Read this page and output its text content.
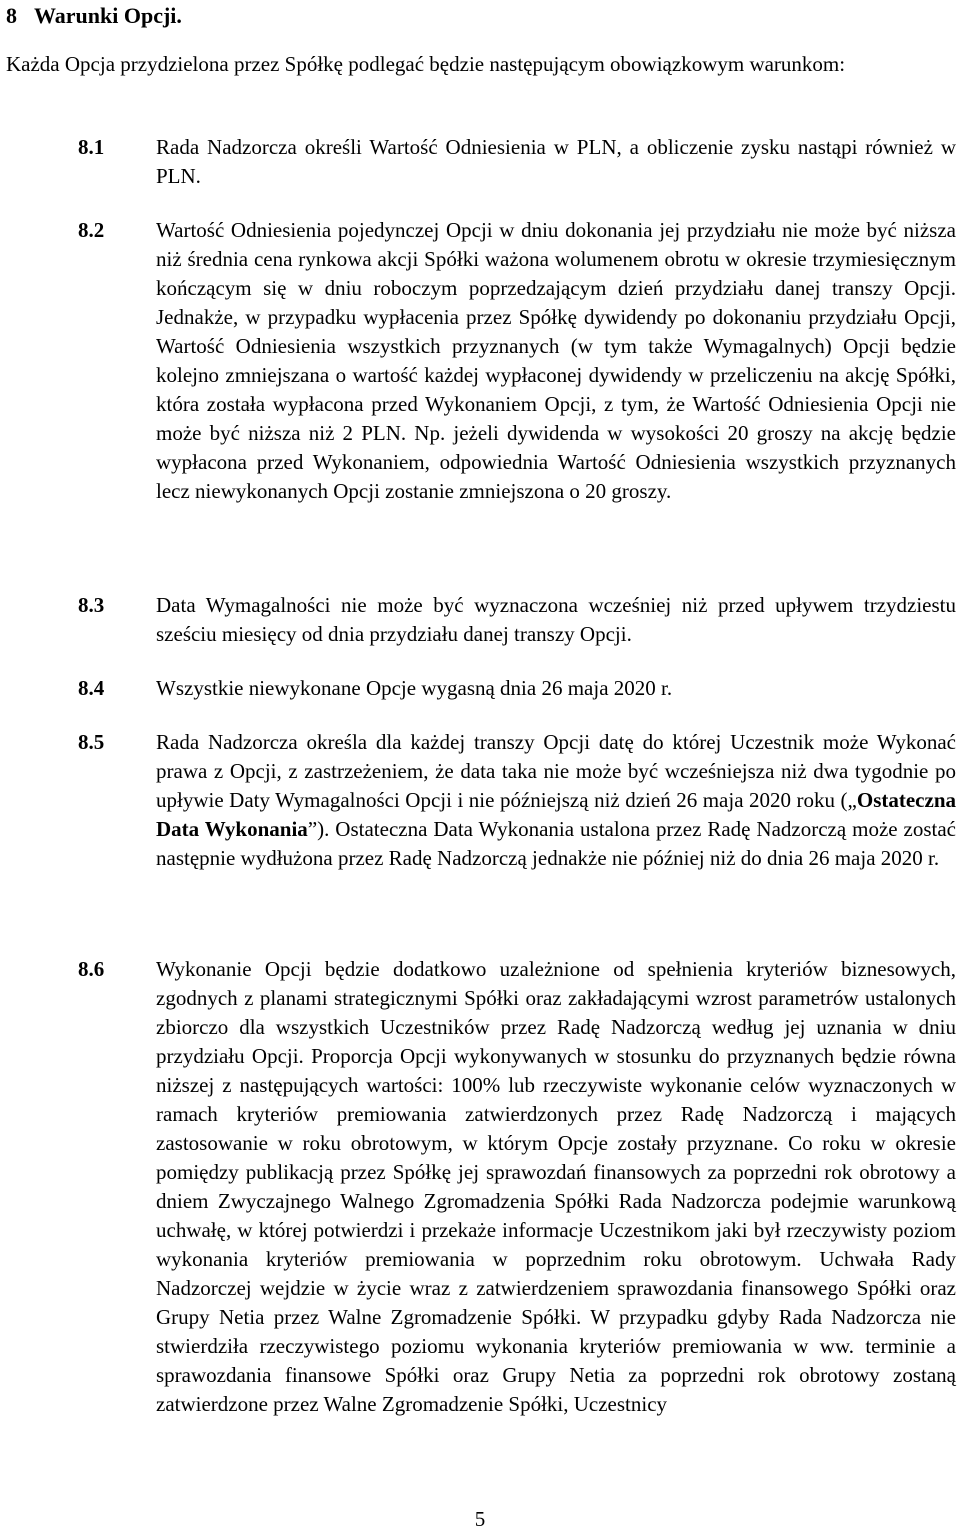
8 Warunki Opcji.
Każda Opcja przydzielona przez Spółkę podlegać będzie następującym obowiązkowym warunkom:
8.1 Rada Nadzorcza określi Wartość Odniesienia w PLN, a obliczenie zysku nastąpi również w PLN.
8.2 Wartość Odniesienia pojedynczej Opcji w dniu dokonania jej przydziału nie może być niższa niż średnia cena rynkowa akcji Spółki ważona wolumenem obrotu w okresie trzymiesięcznym kończącym się w dniu roboczym poprzedzającym dzień przydziału danej transzy Opcji. Jednakże, w przypadku wypłacenia przez Spółkę dywidendy po dokonaniu przydziału Opcji, Wartość Odniesienia wszystkich przyznanych (w tym także Wymagalnych) Opcji będzie kolejno zmniejszana o wartość każdej wypłaconej dywidendy w przeliczeniu na akcję Spółki, która została wypłacona przed Wykonaniem Opcji, z tym, że Wartość Odniesienia Opcji nie może być niższa niż 2 PLN. Np. jeżeli dywidenda w wysokości 20 groszy na akcję będzie wypłacona przed Wykonaniem, odpowiednia Wartość Odniesienia wszystkich przyznanych lecz niewykonanych Opcji zostanie zmniejszona o 20 groszy.
8.3 Data Wymagalności nie może być wyznaczona wcześniej niż przed upływem trzydziestu sześciu miesięcy od dnia przydziału danej transzy Opcji.
8.4 Wszystkie niewykonane Opcje wygasną dnia 26 maja 2020 r.
8.5 Rada Nadzorcza określa dla każdej transzy Opcji datę do której Uczestnik może Wykonać prawa z Opcji, z zastrzeżeniem, że data taka nie może być wcześniejsza niż dwa tygodnie po upływie Daty Wymagalności Opcji i nie późniejszą niż dzień 26 maja 2020 roku („Ostateczna Data Wykonania”). Ostateczna Data Wykonania ustalona przez Radę Nadzorczą może zostać następnie wydłużona przez Radę Nadzorczą jednakże nie później niż do dnia 26 maja 2020 r.
8.6 Wykonanie Opcji będzie dodatkowo uzależnione od spełnienia kryteriów biznesowych, zgodnych z planami strategicznymi Spółki oraz zakładającymi wzrost parametrów ustalonych zbiorczo dla wszystkich Uczestników przez Radę Nadzorczą według jej uznania w dniu przydziału Opcji. Proporcja Opcji wykonywanych w stosunku do przyznanych będzie równa niższej z następujących wartości: 100% lub rzeczywiste wykonanie celów wyznaczonych w ramach kryteriów premiowania zatwierdzonych przez Radę Nadzorczą i mających zastosowanie w roku obrotowym, w którym Opcje zostały przyznane. Co roku w okresie pomiędzy publikacją przez Spółkę jej sprawozdań finansowych za poprzedni rok obrotowy a dniem Zwyczajnego Walnego Zgromadzenia Spółki Rada Nadzorcza podejmie warunkową uchwałę, w której potwierdzi i przekaże informacje Uczestnikom jaki był rzeczywisty poziom wykonania kryteriów premiowania w poprzednim roku obrotowym. Uchwała Rady Nadzorczej wejdzie w życie wraz z zatwierdzeniem sprawozdania finansowego Spółki oraz Grupy Netia przez Walne Zgromadzenie Spółki. W przypadku gdyby Rada Nadzorcza nie stwierdziła rzeczywistego poziomu wykonania kryteriów premiowania w ww. terminie a sprawozdania finansowe Spółki oraz Grupy Netia za poprzedni rok obrotowy zostaną zatwierdzone przez Walne Zgromadzenie Spółki, Uczestnicy
5
